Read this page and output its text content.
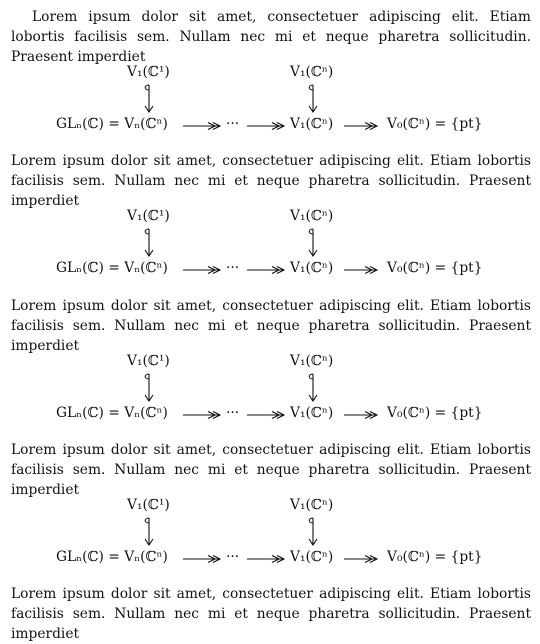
Lorem ipsum dolor sit amet, consectetuer adipiscing elit. Etiam lobortis facilisis sem. Nullam nec mi et neque pharetra sollicitudin. Praesent imperdiet

V₁(ℂ¹)	V₁(ℂⁿ)
GLₙ(ℂ) = Vₙ(ℂⁿ)	···	V₁(ℂⁿ)	V₀(ℂⁿ) = {pt}

Lorem ipsum dolor sit amet, consectetuer adipiscing elit. Etiam lobortis facilisis sem. Nullam nec mi et neque pharetra sollicitudin. Praesent imperdiet

V₁(ℂ¹)	V₁(ℂⁿ)
GLₙ(ℂ) = Vₙ(ℂⁿ)	···	V₁(ℂⁿ)	V₀(ℂⁿ) = {pt}

Lorem ipsum dolor sit amet, consectetuer adipiscing elit. Etiam lobortis facilisis sem. Nullam nec mi et neque pharetra sollicitudin. Praesent imperdiet

V₁(ℂ¹)	V₁(ℂⁿ)
GLₙ(ℂ) = Vₙ(ℂⁿ)	···	V₁(ℂⁿ)	V₀(ℂⁿ) = {pt}

Lorem ipsum dolor sit amet, consectetuer adipiscing elit. Etiam lobortis facilisis sem. Nullam nec mi et neque pharetra sollicitudin. Praesent imperdiet

V₁(ℂ¹)	V₁(ℂⁿ)
GLₙ(ℂ) = Vₙ(ℂⁿ)	···	V₁(ℂⁿ)	V₀(ℂⁿ) = {pt}

Lorem ipsum dolor sit amet, consectetuer adipiscing elit. Etiam lobortis facilisis sem. Nullam nec mi et neque pharetra sollicitudin. Praesent imperdiet
